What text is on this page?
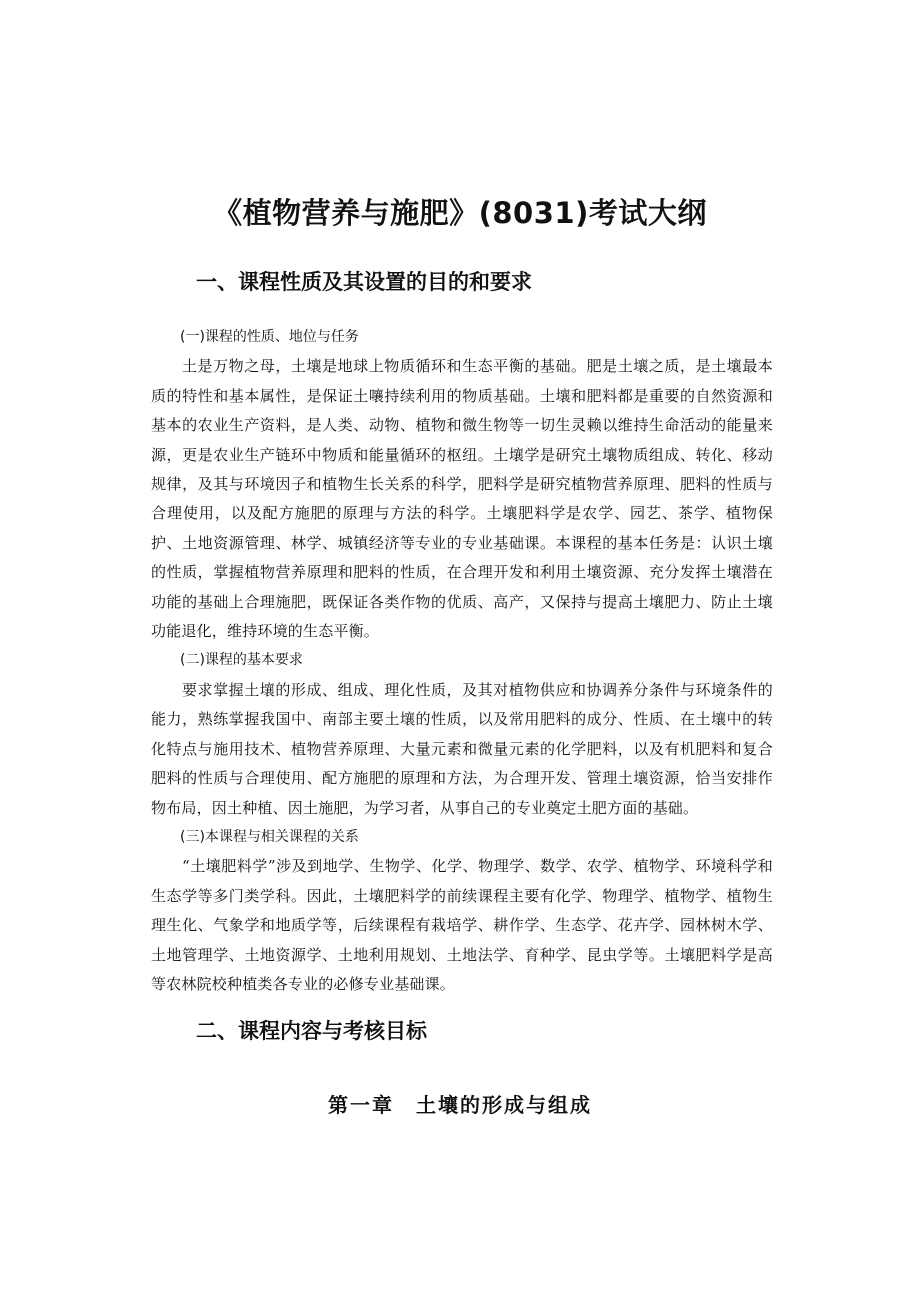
《植物营养与施肥》(8031)考试大纲
一、课程性质及其设置的目的和要求
(一)课程的性质、地位与任务

土是万物之母，土壤是地球上物质循环和生态平衡的基础。肥是土壤之质，是土壤最本质的特性和基本属性，是保证土嚷持续利用的物质基础。土壤和肥料都是重要的自然资源和基本的农业生产资料，是人类、动物、植物和微生物等一切生灵赖以维持生命活动的能量来源，更是农业生产链环中物质和能量循环的枢纽。土壤学是研究土壤物质组成、转化、移动规律，及其与环境因子和植物生长关系的科学，肥料学是研究植物营养原理、肥料的性质与合理使用，以及配方施肥的原理与方法的科学。土壤肥料学是农学、园艺、茶学、植物保护、土地资源管理、林学、城镇经济等专业的专业基础课。本课程的基本任务是：认识土壤的性质，掌握植物营养原理和肥料的性质，在合理开发和利用土壤资源、充分发挥土壤潜在功能的基础上合理施肥，既保证各类作物的优质、高产，又保持与提高土壤肥力、防止土壤功能退化，维持环境的生态平衡。

(二)课程的基本要求

要求掌握土壤的形成、组成、理化性质，及其对植物供应和协调养分条件与环境条件的能力，熟练掌握我国中、南部主要土壤的性质，以及常用肥料的成分、性质、在土壤中的转化特点与施用技术、植物营养原理、大量元素和微量元素的化学肥料，以及有机肥料和复合肥料的性质与合理使用、配方施肥的原理和方法，为合理开发、管理土壤资源，恰当安排作物布局，因土种植、因土施肥，为学习者，从事自己的专业奠定土肥方面的基础。

(三)本课程与相关课程的关系

“土壤肥料学”涉及到地学、生物学、化学、物理学、数学、农学、植物学、环境科学和生态学等多门类学科。因此，土壤肥料学的前续课程主要有化学、物理学、植物学、植物生理生化、气象学和地质学等，后续课程有栽培学、耕作学、生态学、花卉学、园林树木学、土地管理学、土地资源学、土地利用规划、土地法学、育种学、昆虫学等。土壤肥料学是高等农林院校种植类各专业的必修专业基础课。

二、课程内容与考核目标
第一章　土壤的形成与组成
